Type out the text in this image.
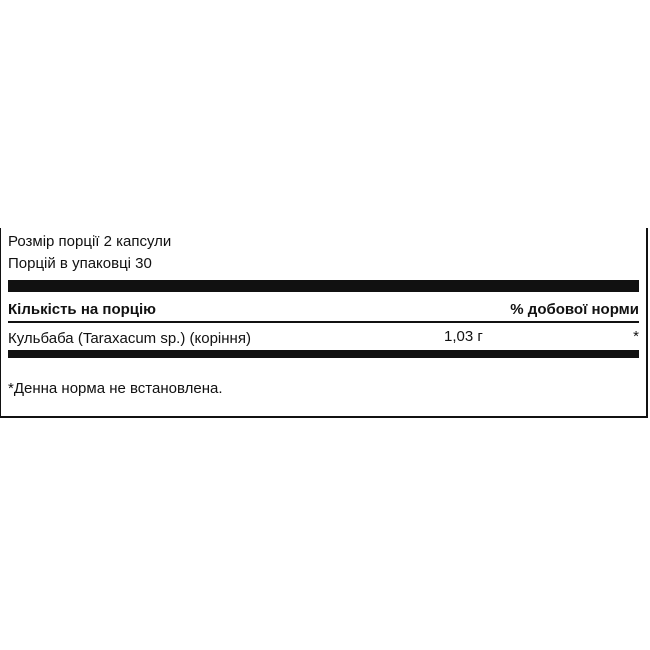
Розмір порції 2 капсули
Порцій в упаковці 30
Кількість на порцію	% добової норми
Кульбаба (Taraxacum sp.) (коріння)	1,03 г	*
*Денна норма не встановлена.
